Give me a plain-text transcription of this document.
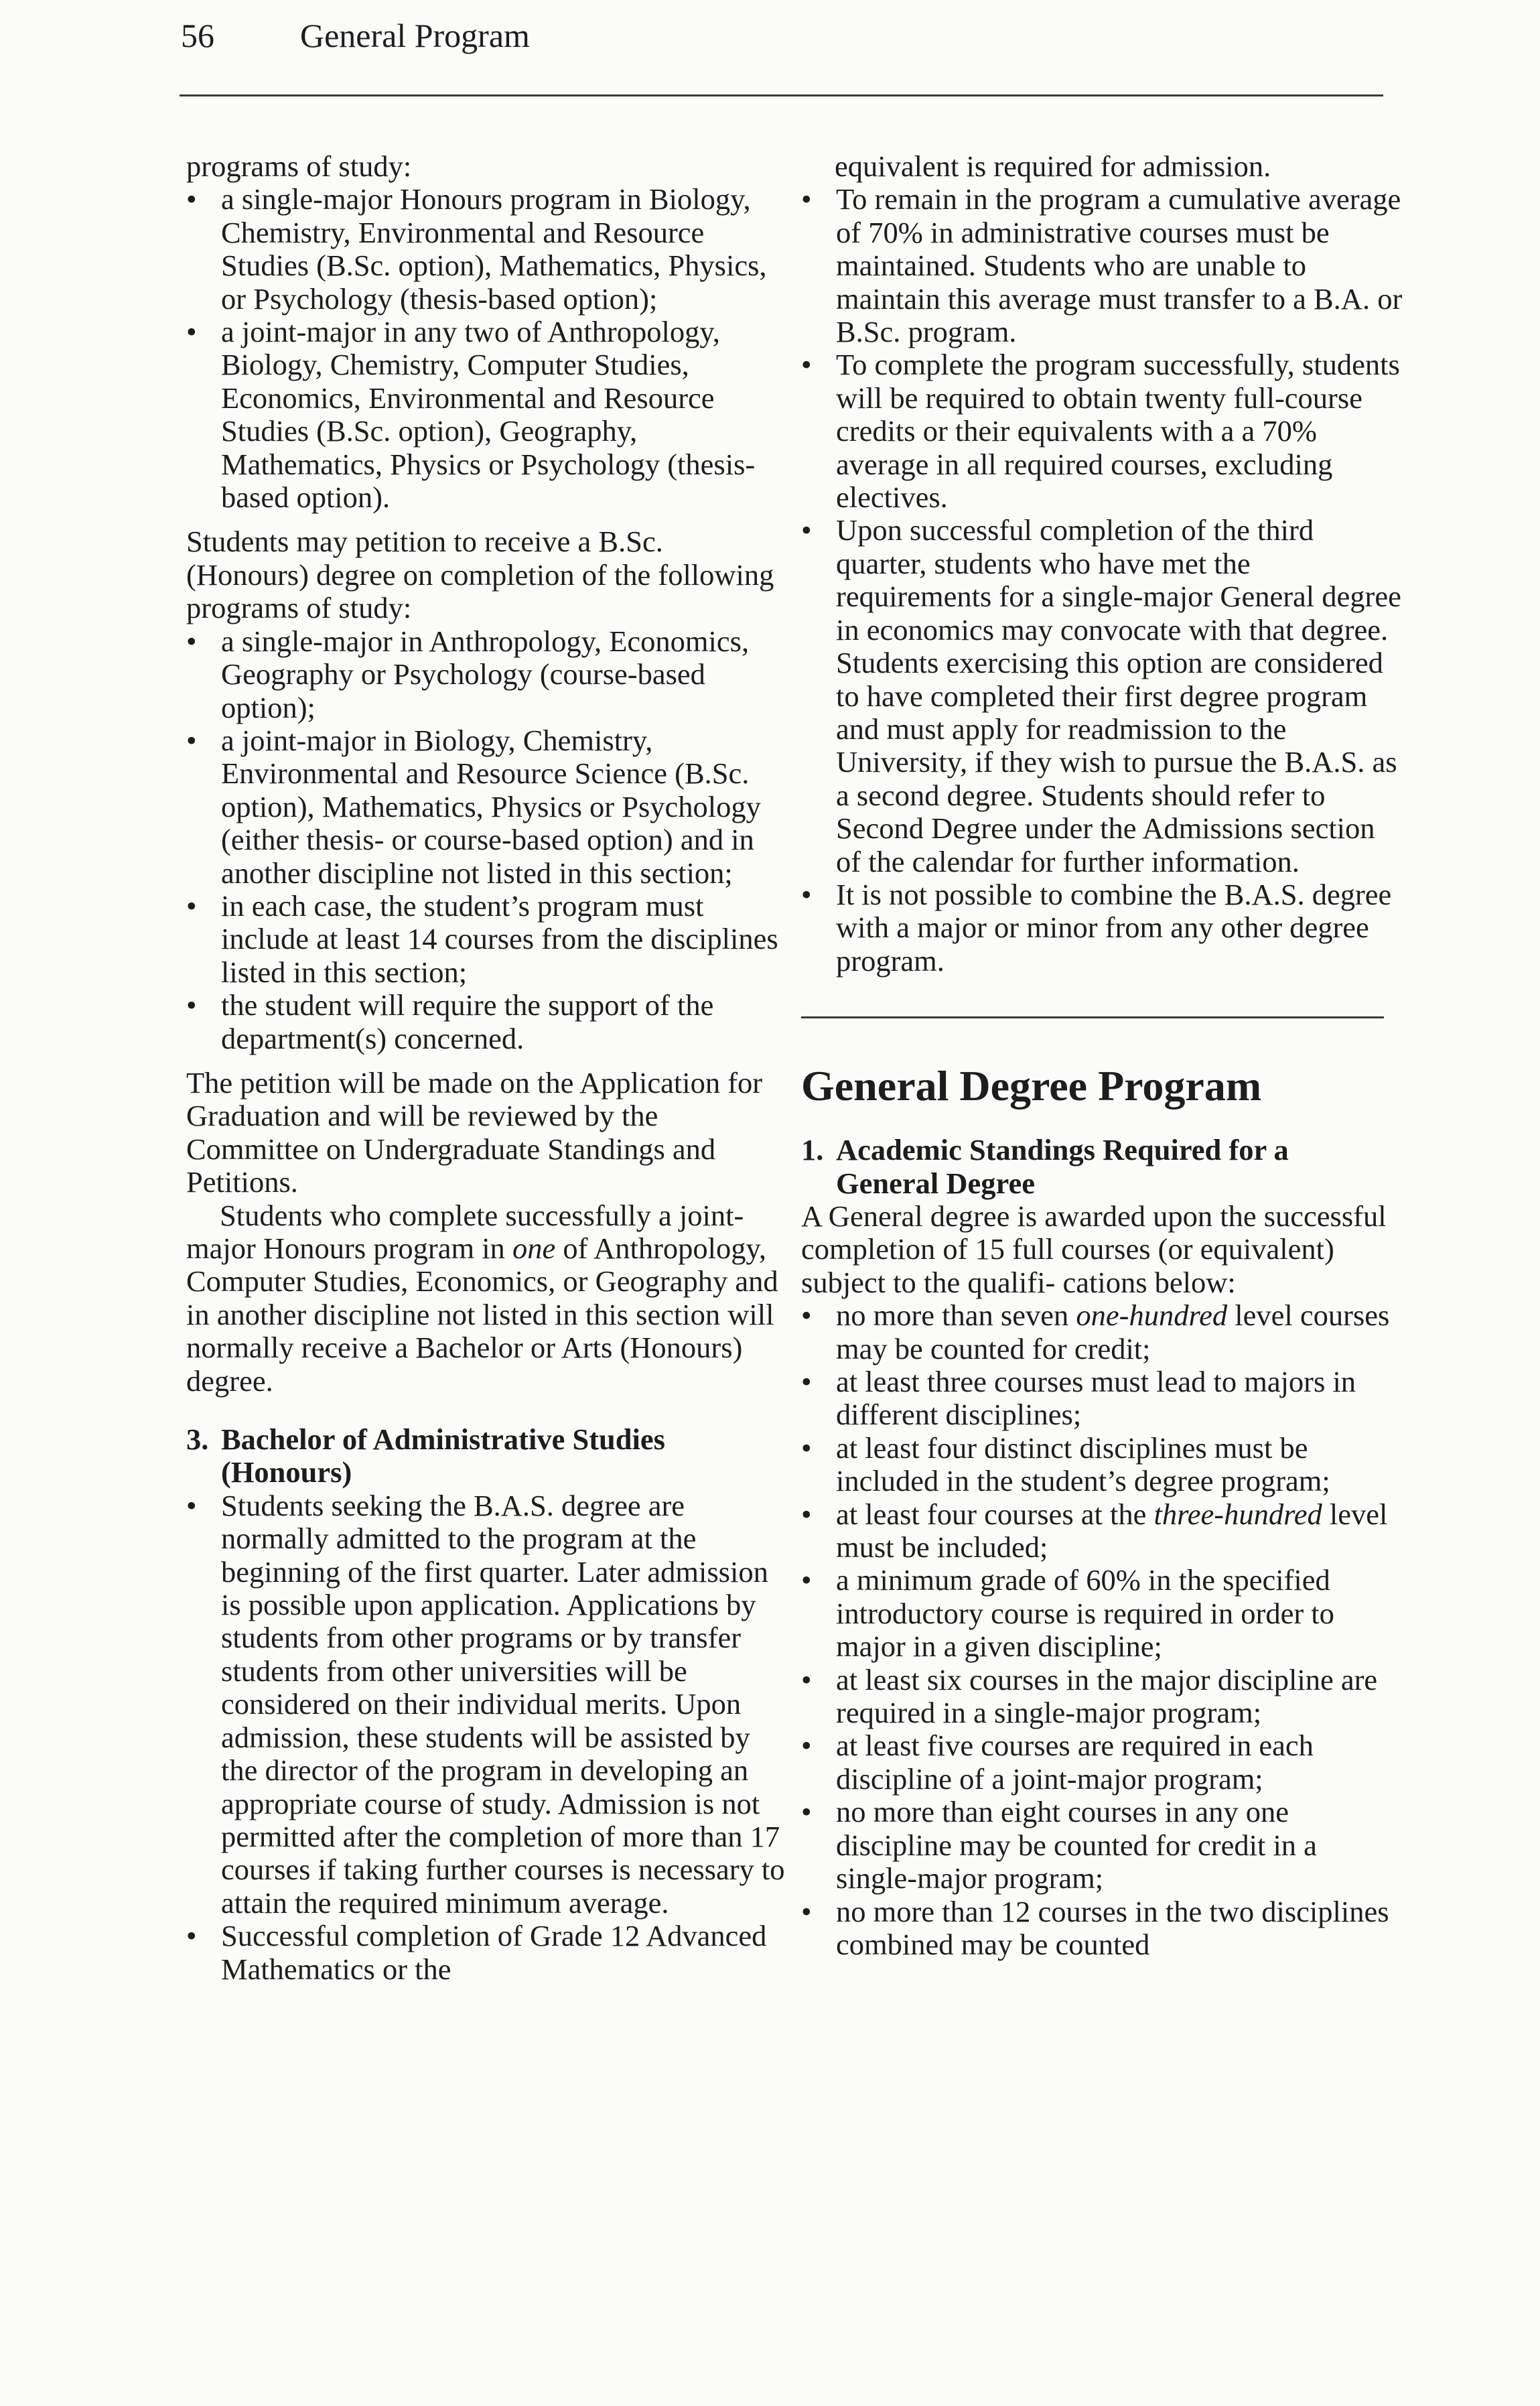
56	General Program

programs of study:

• a single-major Honours program in Biology, Chemistry, Environmental and Resource Studies (B.Sc. option), Mathematics, Physics, or Psychology (thesis-based option);
• a joint-major in any two of Anthropology, Biology, Chemistry, Computer Studies, Economics, Environmental and Resource Studies (B.Sc. option), Geography, Mathematics, Physics or Psychology (thesis-based option).

Students may petition to receive a B.Sc. (Honours) degree on completion of the following programs of study:

• a single-major in Anthropology, Economics, Geography or Psychology (course-based option);
• a joint-major in Biology, Chemistry, Environmental and Resource Science (B.Sc. option), Mathematics, Physics or Psychology (either thesis- or course-based option) and in another discipline not listed in this section;
• in each case, the student’s program must include at least 14 courses from the disciplines listed in this section;
• the student will require the support of the department(s) concerned.

The petition will be made on the Application for Graduation and will be reviewed by the Committee on Undergraduate Standings and Petitions.

Students who complete successfully a joint-major Honours program in one of Anthropology, Computer Studies, Economics, or Geography and in another discipline not listed in this section will normally receive a Bachelor or Arts (Honours) degree.

3. Bachelor of Administrative Studies
(Honours)
• Students seeking the B.A.S. degree are normally admitted to the program at the beginning of the first quarter. Later admission is possible upon application. Applications by students from other programs or by transfer students from other universities will be considered on their individual merits. Upon admission, these students will be assisted by the director of the program in developing an appropriate course of study. Admission is not permitted after the completion of more than 17 courses if taking further courses is necessary to attain the required minimum average.
• Successful completion of Grade 12 Advanced Mathematics or the

equivalent is required for admission.

• To remain in the program a cumulative average of 70% in administrative courses must be maintained. Students who are unable to maintain this average must transfer to a B.A. or B.Sc. program.
• To complete the program successfully, students will be required to obtain twenty full-course credits or their equivalents with a a 70% average in all required courses, excluding electives.
• Upon successful completion of the third quarter, students who have met the requirements for a single-major General degree in economics may convocate with that degree. Students exercising this option are considered to have completed their first degree program and must apply for readmission to the University, if they wish to pursue the B.A.S. as a second degree. Students should refer to Second Degree under the Admissions section of the calendar for further information.
• It is not possible to combine the B.A.S. degree with a major or minor from any other degree program.

General Degree Program

1. Academic Standings Required for a
General Degree

A General degree is awarded upon the successful completion of 15 full courses (or equivalent) subject to the qualifi- cations below:

• no more than seven one-hundred level courses may be counted for credit;
• at least three courses must lead to majors in different disciplines;
• at least four distinct disciplines must be included in the student’s degree program;
• at least four courses at the three-hundred level must be included;
• a minimum grade of 60% in the specified introductory course is required in order to major in a given discipline;
• at least six courses in the major discipline are required in a single-major program;
• at least five courses are required in each discipline of a joint-major program;
• no more than eight courses in any one discipline may be counted for credit in a single-major program;
• no more than 12 courses in the two disciplines combined may be counted
